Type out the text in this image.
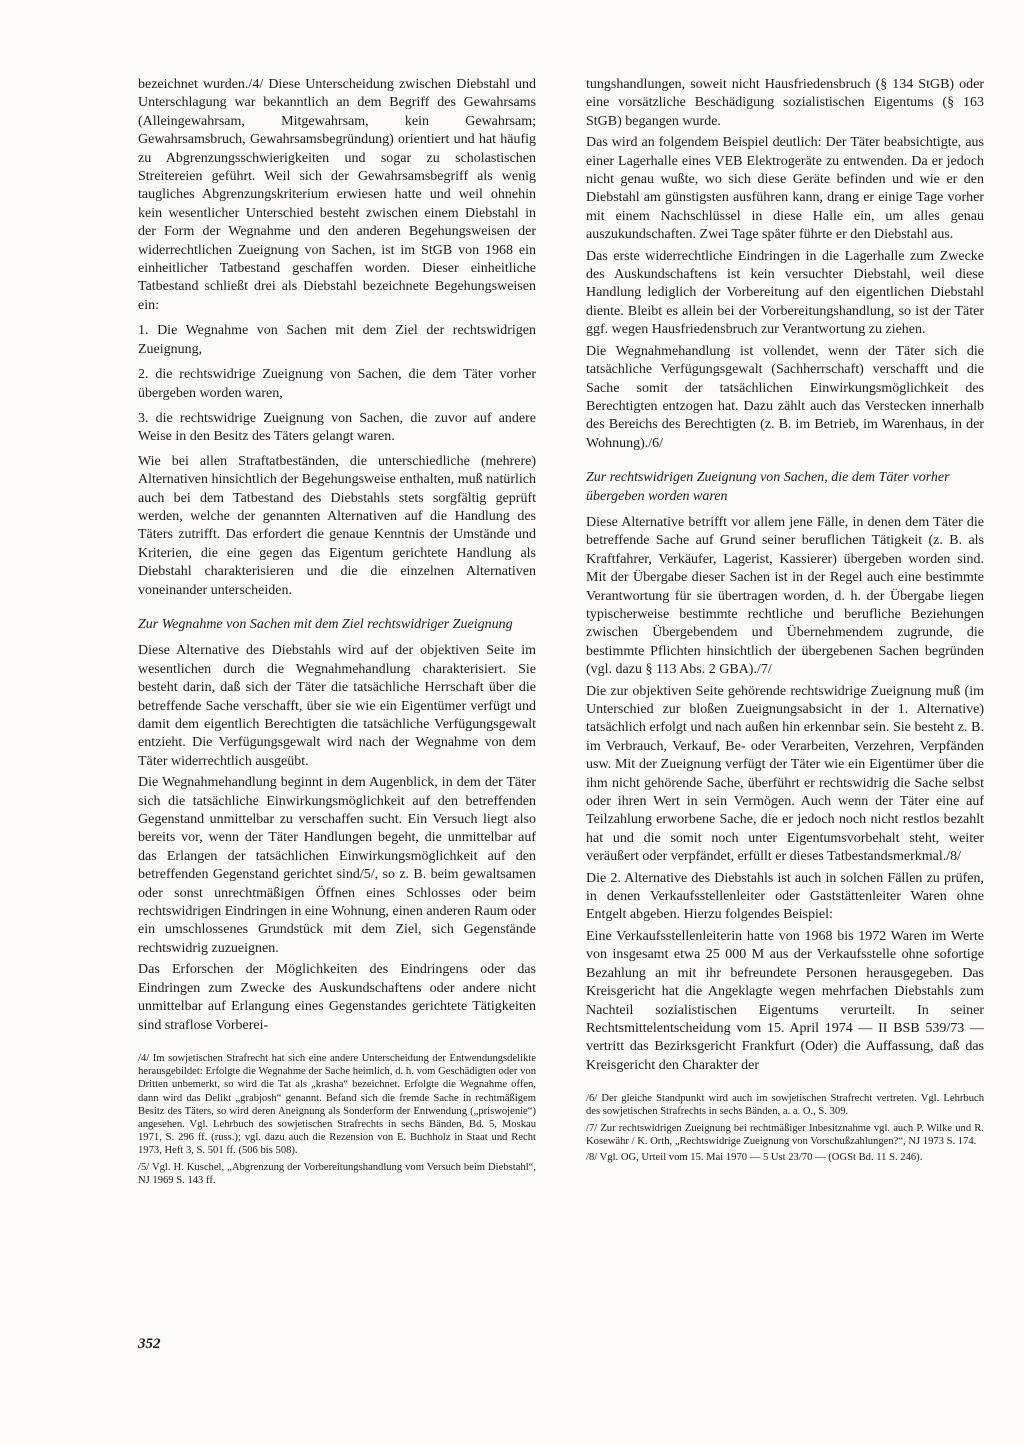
bezeichnet wurden./4/ Diese Unterscheidung zwischen Diebstahl und Unterschlagung war bekanntlich an dem Begriff des Gewahrsams (Alleingewahrsam, Mitgewahrsam, kein Gewahrsam; Gewahrsamsbruch, Gewahrsamsbegründung) orientiert und hat häufig zu Abgrenzungsschwierigkeiten und sogar zu scholastischen Streitereien geführt. Weil sich der Gewahrsamsbegriff als wenig taugliches Abgrenzungskriterium erwiesen hatte und weil ohnehin kein wesentlicher Unterschied besteht zwischen einem Diebstahl in der Form der Wegnahme und den anderen Begehungsweisen der widerrechtlichen Zueignung von Sachen, ist im StGB von 1968 ein einheitlicher Tatbestand geschaffen worden. Dieser einheitliche Tatbestand schließt drei als Diebstahl bezeichnete Begehungsweisen ein:

1. Die Wegnahme von Sachen mit dem Ziel der rechtswidrigen Zueignung,

2. die rechtswidrige Zueignung von Sachen, die dem Täter vorher übergeben worden waren,

3. die rechtswidrige Zueignung von Sachen, die zuvor auf andere Weise in den Besitz des Täters gelangt waren.

Wie bei allen Straftatbeständen, die unterschiedliche (mehrere) Alternativen hinsichtlich der Begehungsweise enthalten, muß natürlich auch bei dem Tatbestand des Diebstahls stets sorgfältig geprüft werden, welche der genannten Alternativen auf die Handlung des Täters zutrifft. Das erfordert die genaue Kenntnis der Umstände und Kriterien, die eine gegen das Eigentum gerichtete Handlung als Diebstahl charakterisieren und die die einzelnen Alternativen voneinander unterscheiden.

Zur Wegnahme von Sachen mit dem Ziel rechtswidriger Zueignung

Diese Alternative des Diebstahls wird auf der objektiven Seite im wesentlichen durch die Wegnahmehandlung charakterisiert. Sie besteht darin, daß sich der Täter die tatsächliche Herrschaft über die betreffende Sache verschafft, über sie wie ein Eigentümer verfügt und damit dem eigentlich Berechtigten die tatsächliche Verfügungsgewalt entzieht. Die Verfügungsgewalt wird nach der Wegnahme von dem Täter widerrechtlich ausgeübt.

Die Wegnahmehandlung beginnt in dem Augenblick, in dem der Täter sich die tatsächliche Einwirkungsmöglichkeit auf den betreffenden Gegenstand unmittelbar zu verschaffen sucht. Ein Versuch liegt also bereits vor, wenn der Täter Handlungen begeht, die unmittelbar auf das Erlangen der tatsächlichen Einwirkungsmöglichkeit auf den betreffenden Gegenstand gerichtet sind/5/, so z. B. beim gewaltsamen oder sonst unrechtmäßigen Öffnen eines Schlosses oder beim rechtswidrigen Eindringen in eine Wohnung, einen anderen Raum oder ein umschlossenes Grundstück mit dem Ziel, sich Gegenstände rechtswidrig zuzueignen.

Das Erforschen der Möglichkeiten des Eindringens oder das Eindringen zum Zwecke des Auskundschaftens oder andere nicht unmittelbar auf Erlangung eines Gegenstandes gerichtete Tätigkeiten sind straflose Vorberei-

/4/ Im sowjetischen Strafrecht hat sich eine andere Unterscheidung der Entwendungsdelikte herausgebildet: Erfolgte die Wegnahme der Sache heimlich, d. h. vom Geschädigten oder von Dritten unbemerkt, so wird die Tat als „krasha“ bezeichnet. Erfolgte die Wegnahme offen, dann wird das Delikt „grabjosh“ genannt. Befand sich die fremde Sache in rechtmäßigem Besitz des Täters, so wird deren Aneignung als Sonderform der Entwendung („priswojenie“) angesehen. Vgl. Lehrbuch des sowjetischen Strafrechts in sechs Bänden, Bd. 5, Moskau 1971, S. 296 ff. (russ.); vgl. dazu auch die Rezension von E. Buchholz in Staat und Recht 1973, Heft 3, S. 501 ff. (506 bis 508).

/5/ Vgl. H. Kuschel, „Abgrenzung der Vorbereitungshandlung vom Versuch beim Diebstahl“, NJ 1969 S. 143 ff.

tungshandlungen, soweit nicht Hausfriedensbruch (§ 134 StGB) oder eine vorsätzliche Beschädigung sozialistischen Eigentums (§ 163 StGB) begangen wurde.

Das wird an folgendem Beispiel deutlich: Der Täter beabsichtigte, aus einer Lagerhalle eines VEB Elektrogeräte zu entwenden. Da er jedoch nicht genau wußte, wo sich diese Geräte befinden und wie er den Diebstahl am günstigsten ausführen kann, drang er einige Tage vorher mit einem Nachschlüssel in diese Halle ein, um alles genau auszukundschaften. Zwei Tage später führte er den Diebstahl aus.

Das erste widerrechtliche Eindringen in die Lagerhalle zum Zwecke des Auskundschaftens ist kein versuchter Diebstahl, weil diese Handlung lediglich der Vorbereitung auf den eigentlichen Diebstahl diente. Bleibt es allein bei der Vorbereitungshandlung, so ist der Täter ggf. wegen Hausfriedensbruch zur Verantwortung zu ziehen.

Die Wegnahmehandlung ist vollendet, wenn der Täter sich die tatsächliche Verfügungsgewalt (Sachherrschaft) verschafft und die Sache somit der tatsächlichen Einwirkungsmöglichkeit des Berechtigten entzogen hat. Dazu zählt auch das Verstecken innerhalb des Bereichs des Berechtigten (z. B. im Betrieb, im Warenhaus, in der Wohnung)./6/

Zur rechtswidrigen Zueignung von Sachen, die dem Täter vorher übergeben worden waren

Diese Alternative betrifft vor allem jene Fälle, in denen dem Täter die betreffende Sache auf Grund seiner beruflichen Tätigkeit (z. B. als Kraftfahrer, Verkäufer, Lagerist, Kassierer) übergeben worden sind. Mit der Übergabe dieser Sachen ist in der Regel auch eine bestimmte Verantwortung für sie übertragen worden, d. h. der Übergabe liegen typischerweise bestimmte rechtliche und berufliche Beziehungen zwischen Übergebendem und Übernehmendem zugrunde, die bestimmte Pflichten hinsichtlich der übergebenen Sachen begründen (vgl. dazu § 113 Abs. 2 GBA)./7/

Die zur objektiven Seite gehörende rechtswidrige Zueignung muß (im Unterschied zur bloßen Zueignungsabsicht in der 1. Alternative) tatsächlich erfolgt und nach außen hin erkennbar sein. Sie besteht z. B. im Verbrauch, Verkauf, Be- oder Verarbeiten, Verzehren, Verpfänden usw. Mit der Zueignung verfügt der Täter wie ein Eigentümer über die ihm nicht gehörende Sache, überführt er rechtswidrig die Sache selbst oder ihren Wert in sein Vermögen. Auch wenn der Täter eine auf Teilzahlung erworbene Sache, die er jedoch noch nicht restlos bezahlt hat und die somit noch unter Eigentumsvorbehalt steht, weiter veräußert oder verpfändet, erfüllt er dieses Tatbestandsmerkmal./8/

Die 2. Alternative des Diebstahls ist auch in solchen Fällen zu prüfen, in denen Verkaufsstellenleiter oder Gaststättenleiter Waren ohne Entgelt abgeben. Hierzu folgendes Beispiel:

Eine Verkaufsstellenleiterin hatte von 1968 bis 1972 Waren im Werte von insgesamt etwa 25 000 M aus der Verkaufsstelle ohne sofortige Bezahlung an mit ihr befreundete Personen herausgegeben. Das Kreisgericht hat die Angeklagte wegen mehrfachen Diebstahls zum Nachteil sozialistischen Eigentums verurteilt. In seiner Rechtsmittelentscheidung vom 15. April 1974 — II BSB 539/73 — vertritt das Bezirksgericht Frankfurt (Oder) die Auffassung, daß das Kreisgericht den Charakter der

/6/ Der gleiche Standpunkt wird auch im sowjetischen Strafrecht vertreten. Vgl. Lehrbuch des sowjetischen Strafrechts in sechs Bänden, a. a. O., S. 309.

/7/ Zur rechtswidrigen Zueignung bei rechtmäßiger Inbesitznahme vgl. auch P. Wilke und R. Kosewähr / K. Orth, „Rechtswidrige Zueignung von Vorschußzahlungen?“, NJ 1973 S. 174.

/8/ Vgl. OG, Urteil vom 15. Mai 1970 — 5 Ust 23/70 — (OGSt Bd. 11 S. 246).

352
